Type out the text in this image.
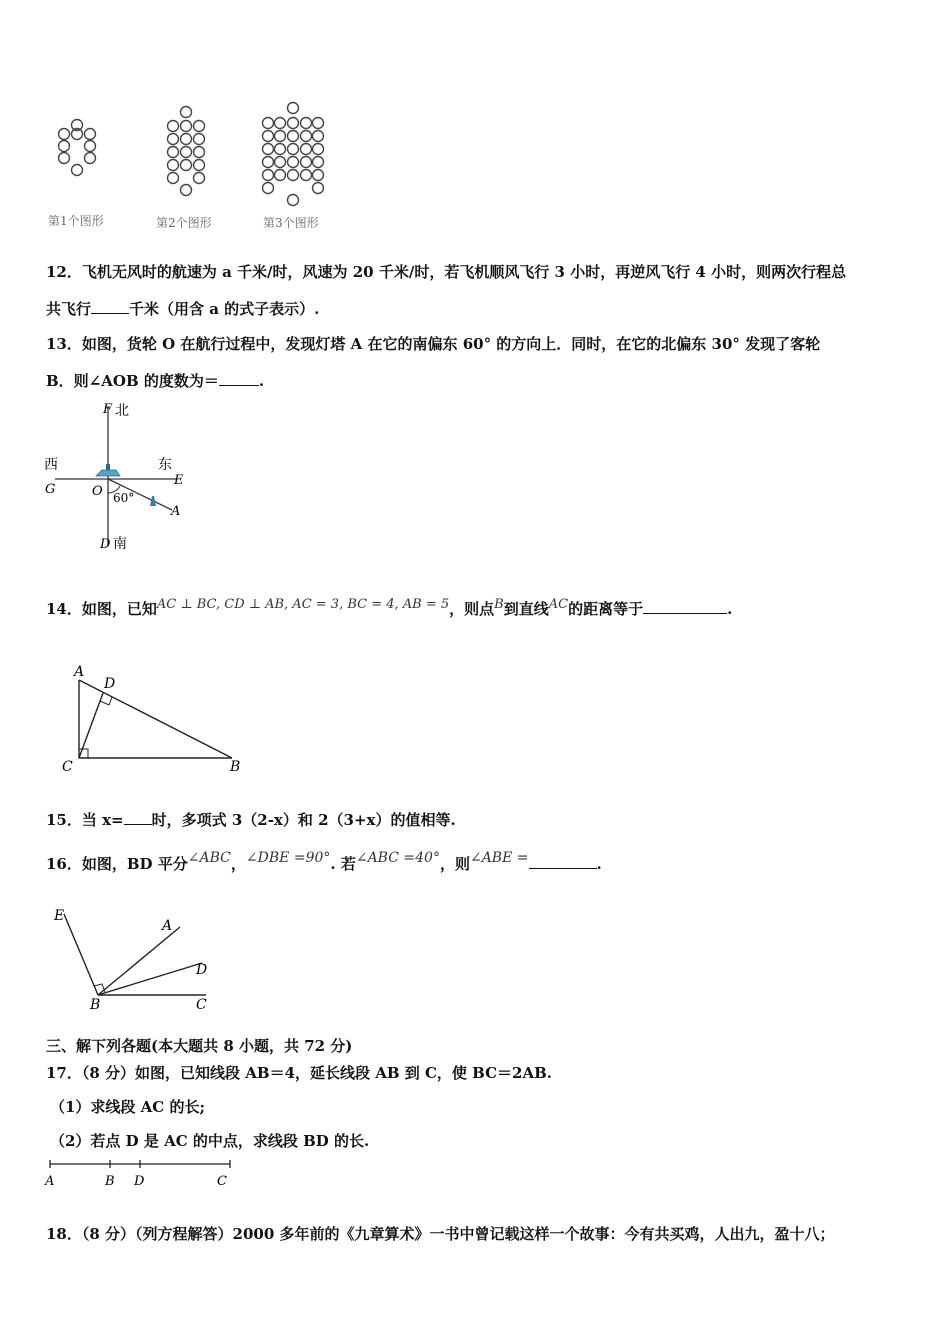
第1个图形	第2个图形	第3个图形
12．飞机无风时的航速为 a 千米/时，风速为 20 千米/时，若飞机顺风飞行 3 小时，再逆风飞行 4 小时，则两次行程总
共飞行	千米（用含 a 的式子表示）.
13．如图，货轮 O 在航行过程中，发现灯塔 A 在它的南偏东 60° 的方向上．同时，在它的北偏东 30° 发现了客轮
B．则∠AOB 的度数为＝	.
F 北
西	东
G	O 60°
E
A
D 南
14．如图，已知AC ⊥ BC, CD ⊥ AB, AC = 3, BC = 4, AB = 5，则点B到直线AC的距离等于	.
A
D
C	B
15．当 x= 时，多项式 3（2-x）和 2（3+x）的值相等.
16．如图，BD 平分∠ABC，∠DBE =90°. 若∠ABC =40°，则∠ABE =	.
E
A
D
B	C
三、解下列各题(本大题共 8 小题，共 72 分)
17．（8 分）如图，已知线段 AB＝4，延长线段 AB 到 C，使 BC＝2AB.
（1）求线段 AC 的长;
（2）若点 D 是 AC 的中点，求线段 BD 的长.
A	B D	C
18．（8 分）（列方程解答）2000 多年前的《九章算术》一书中曾记载这样一个故事：今有共买鸡，人出九，盈十八；
